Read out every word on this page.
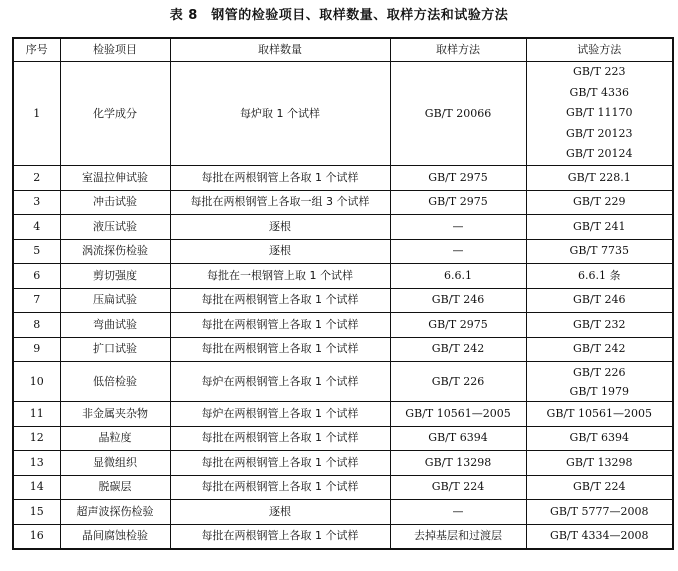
表 8　钢管的检验项目、取样数量、取样方法和试验方法
序号	检验项目	取样数量	取样方法	试验方法
1	化学成分	每炉取 1 个试样	GB/T 20066	GB/T 223
GB/T 4336
GB/T 11170
GB/T 20123
GB/T 20124

2	室温拉伸试验	每批在两根钢管上各取 1 个试样	GB/T 2975	GB/T 228.1
3	冲击试验	每批在两根钢管上各取一组 3 个试样	GB/T 2975	GB/T 229
4	液压试验	逐根	—	GB/T 241
5	涡流探伤检验	逐根	—	GB/T 7735
6	剪切强度	每批在一根钢管上取 1 个试样	6.6.1	6.6.1 条
7	压扁试验	每批在两根钢管上各取 1 个试样	GB/T 246	GB/T 246
8	弯曲试验	每批在两根钢管上各取 1 个试样	GB/T 2975	GB/T 232
9	扩口试验	每批在两根钢管上各取 1 个试样	GB/T 242	GB/T 242
10	低倍检验	每炉在两根钢管上各取 1 个试样	GB/T 226	GB/T 226
GB/T 1979

11	非金属夹杂物	每炉在两根钢管上各取 1 个试样	GB/T 10561—2005	GB/T 10561—2005
12	晶粒度	每批在两根钢管上各取 1 个试样	GB/T 6394	GB/T 6394
13	显微组织	每批在两根钢管上各取 1 个试样	GB/T 13298	GB/T 13298
14	脱碳层	每批在两根钢管上各取 1 个试样	GB/T 224	GB/T 224
15	超声波探伤检验	逐根	—	GB/T 5777—2008
16	晶间腐蚀检验	每批在两根钢管上各取 1 个试样	去掉基层和过渡层	GB/T 4334—2008
